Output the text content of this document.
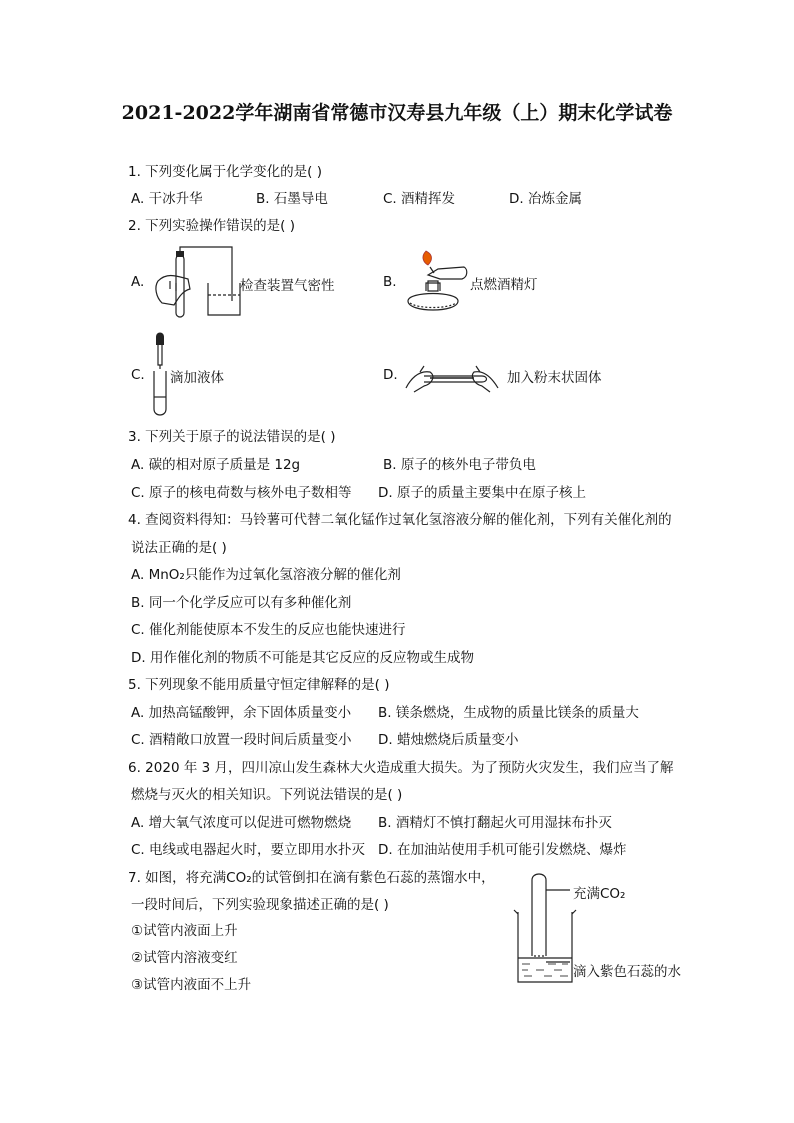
2021-2022学年湖南省常德市汉寿县九年级（上）期末化学试卷
1. 下列变化属于化学变化的是( )
A. 干冰升华	B. 石墨导电	C. 酒精挥发	D. 冶炼金属
2. 下列实验操作错误的是( )
A.	检查装置气密性	B.	点燃酒精灯
C. 滴加液体	D.	加入粉末状固体
3. 下列关于原子的说法错误的是( )
A. 碳的相对原子质量是 12g	B. 原子的核外电子带负电
C. 原子的核电荷数与核外电子数相等 D. 原子的质量主要集中在原子核上
4. 查阅资料得知：马铃薯可代替二氧化锰作过氧化氢溶液分解的催化剂，下列有关催化剂的
说法正确的是( )
A. MnO₂只能作为过氧化氢溶液分解的催化剂
B. 同一个化学反应可以有多种催化剂
C. 催化剂能使原本不发生的反应也能快速进行
D. 用作催化剂的物质不可能是其它反应的反应物或生成物
5. 下列现象不能用质量守恒定律解释的是( )
A. 加热高锰酸钾，余下固体质量变小 B. 镁条燃烧，生成物的质量比镁条的质量大
C. 酒精敞口放置一段时间后质量变小 D. 蜡烛燃烧后质量变小
6. 2020 年 3 月，四川凉山发生森林大火造成重大损失。为了预防火灾发生，我们应当了解
燃烧与灭火的相关知识。下列说法错误的是( )
A. 增大氧气浓度可以促进可燃物燃烧 B. 酒精灯不慎打翻起火可用湿抹布扑灭
C. 电线或电器起火时，要立即用水扑灭 D. 在加油站使用手机可能引发燃烧、爆炸
7. 如图，将充满CO₂的试管倒扣在滴有紫色石蕊的蒸馏水中，
一段时间后，下列实验现象描述正确的是( )
①试管内液面上升
②试管内溶液变红
③试管内液面不上升
充满CO₂
滴入紫色石蕊的水
